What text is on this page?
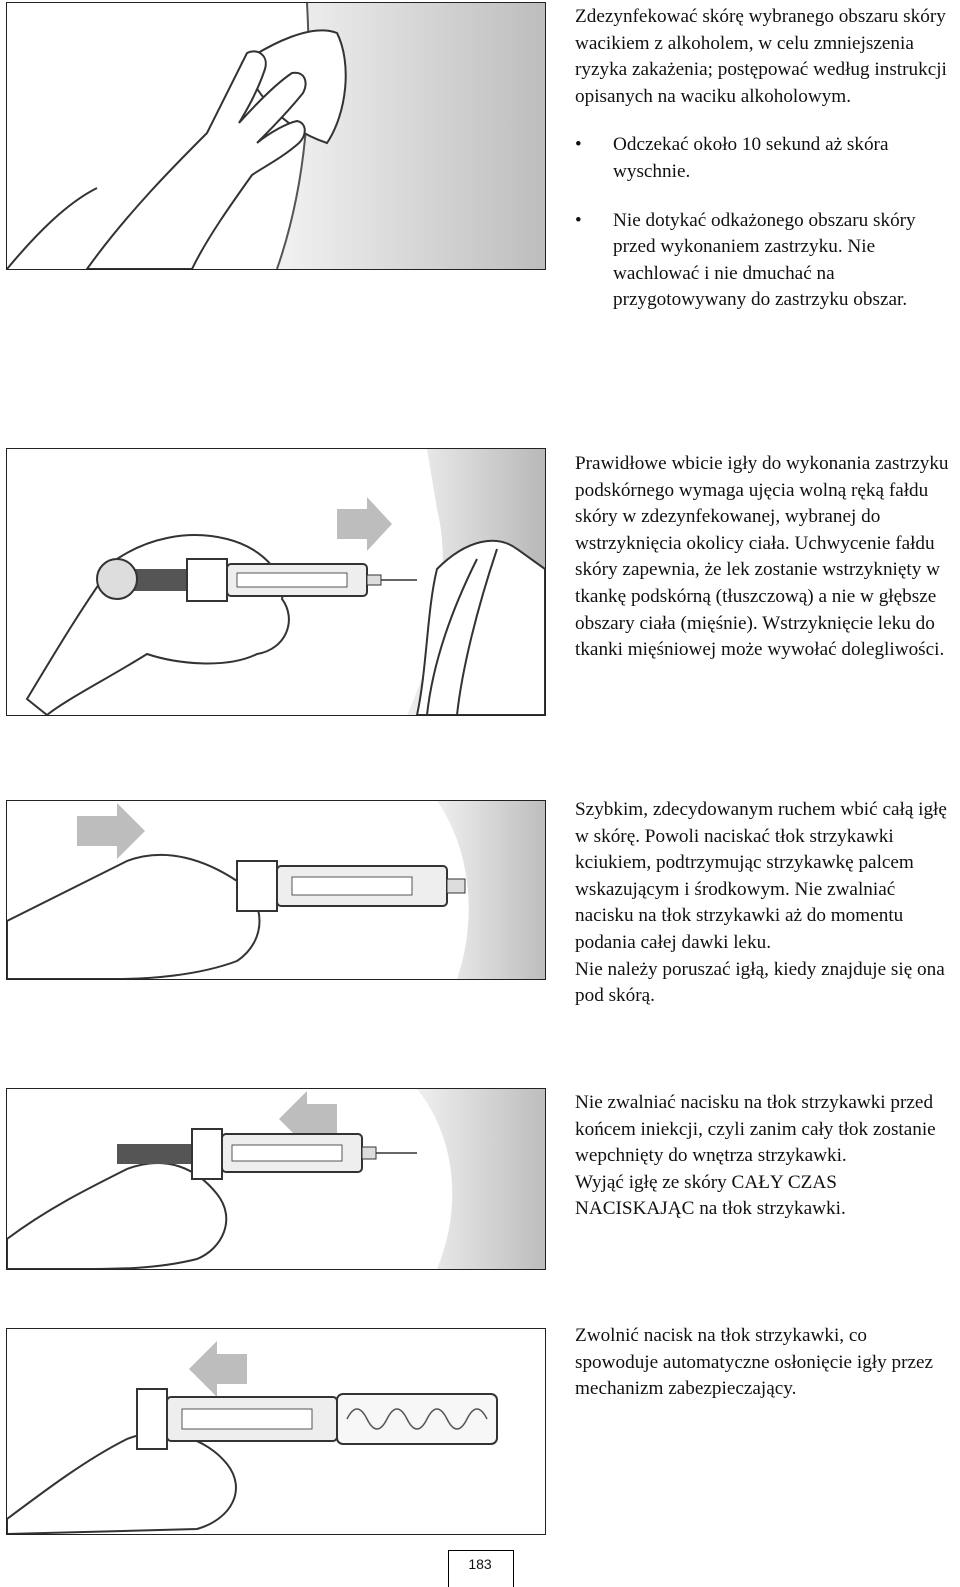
Zdezynfekować skórę wybranego obszaru skóry wacikiem z alkoholem, w celu zmniejszenia ryzyka zakażenia; postępować według instrukcji opisanych na waciku alkoholowym.

• Odczekać około 10 sekund aż skóra wyschnie.
• Nie dotykać odkażonego obszaru skóry przed wykonaniem zastrzyku. Nie wachlować i nie dmuchać na przygotowywany do zastrzyku obszar.

Prawidłowe wbicie igły do wykonania zastrzyku podskórnego wymaga ujęcia wolną ręką fałdu skóry w zdezynfekowanej, wybranej do wstrzyknięcia okolicy ciała. Uchwycenie fałdu skóry zapewnia, że lek zostanie wstrzyknięty w tkankę podskórną (tłuszczową) a nie w głębsze obszary ciała (mięśnie). Wstrzyknięcie leku do tkanki mięśniowej może wywołać dolegliwości.

Szybkim, zdecydowanym ruchem wbić całą igłę w skórę. Powoli naciskać tłok strzykawki kciukiem, podtrzymując strzykawkę palcem wskazującym i środkowym. Nie zwalniać nacisku na tłok strzykawki aż do momentu podania całej dawki leku.

Nie należy poruszać igłą, kiedy znajduje się ona pod skórą.

Nie zwalniać nacisku na tłok strzykawki przed końcem iniekcji, czyli zanim cały tłok zostanie wepchnięty do wnętrza strzykawki.

Wyjąć igłę ze skóry CAŁY CZAS NACISKAJĄC na tłok strzykawki.

Zwolnić nacisk na tłok strzykawki, co spowoduje automatyczne osłonięcie igły przez mechanizm zabezpieczający.

183
